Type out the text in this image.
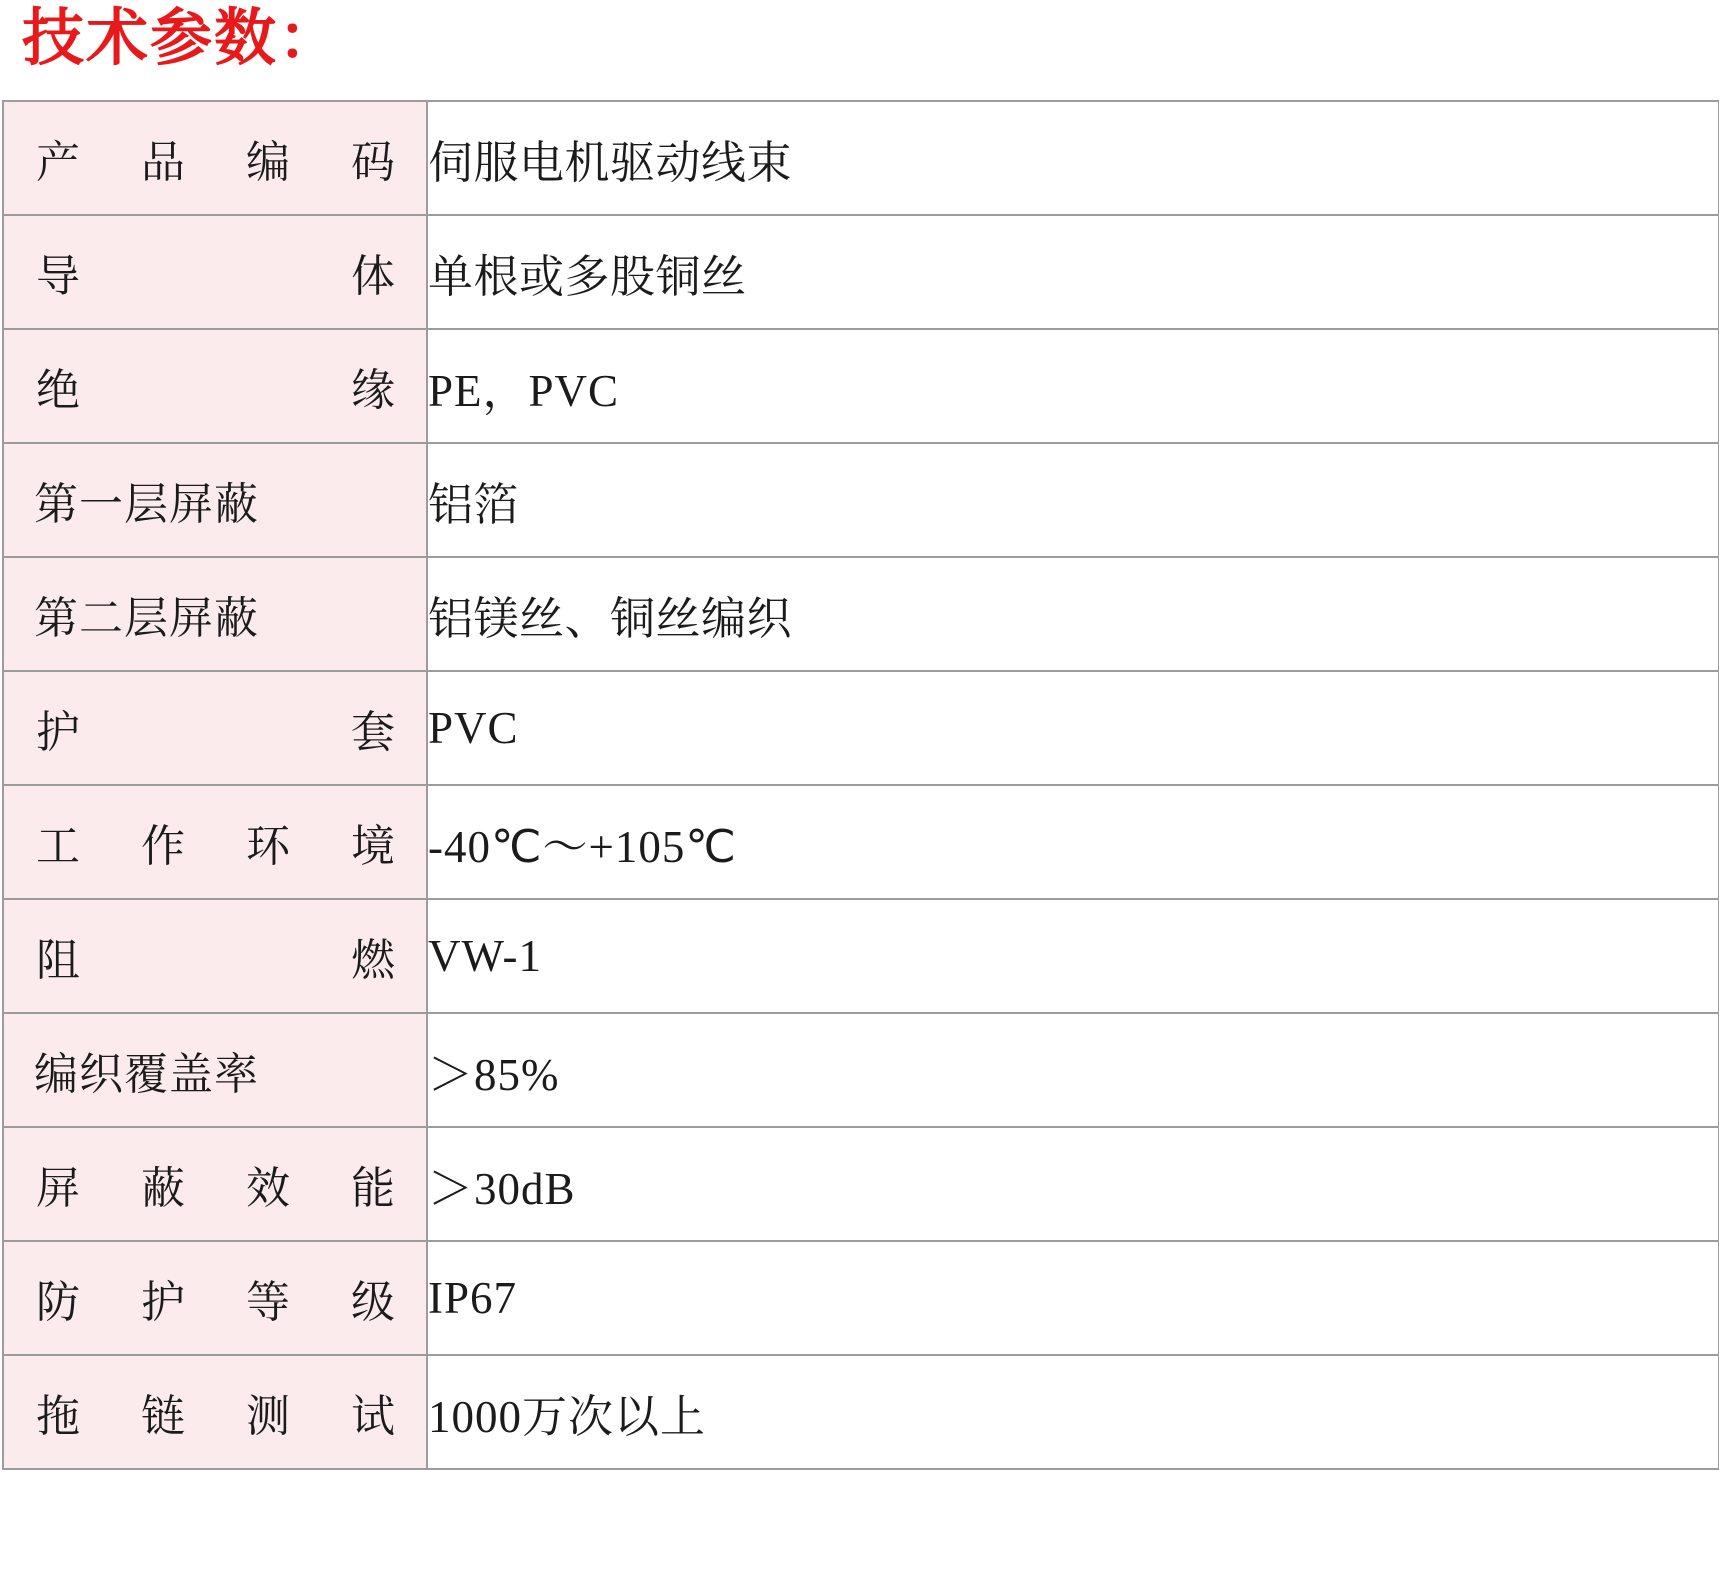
技术参数：
产 品 编 码	伺服电机驱动线束

导 体	单根或多股铜丝

绝 缘	PE，PVC

第一层屏蔽	铝箔

第二层屏蔽	铝镁丝、铜丝编织

护 套	PVC

工 作 环 境	-40℃～+105℃

阻 燃	VW-1

编织覆盖率	＞85%

屏 蔽 效 能	＞30dB

防 护 等 级	IP67

拖 链 测 试	1000万次以上
